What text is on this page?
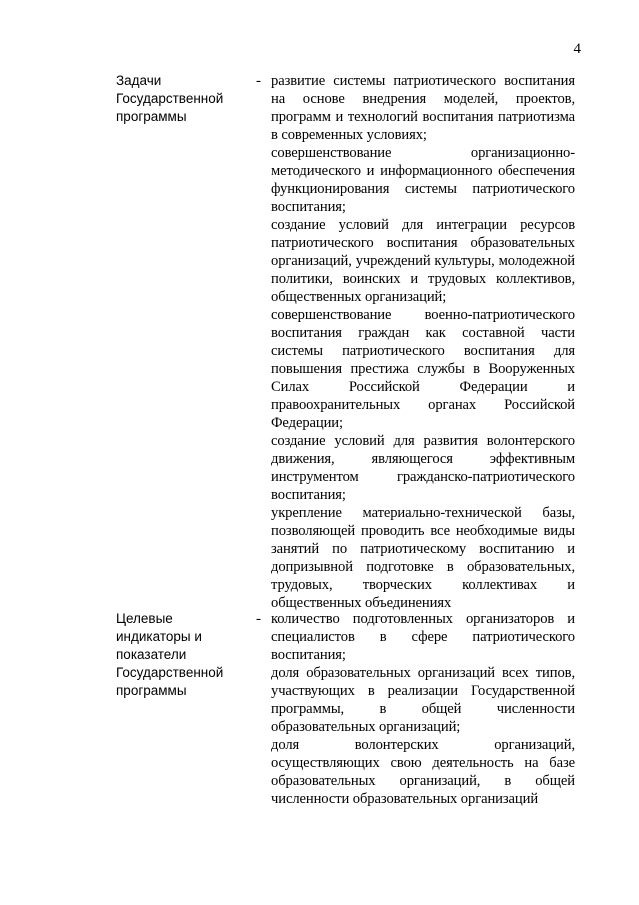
4
Задачи
Государственной
программы
- развитие системы патриотического воспитания на основе внедрения моделей, проектов, программ и технологий воспитания патриотизма в современных условиях;

совершенствование организационно-методического и информационного обеспечения функционирования системы патриотического воспитания;

создание условий для интеграции ресурсов патриотического воспитания образовательных организаций, учреждений культуры, молодежной политики, воинских и трудовых коллективов, общественных организаций;

совершенствование военно-патриотического воспитания граждан как составной части системы патриотического воспитания для повышения престижа службы в Вооруженных Силах Российской Федерации и правоохранительных органах Российской Федерации;

создание условий для развития волонтерского движения, являющегося эффективным инструментом гражданско-патриотического воспитания;

укрепление материально-технической базы, позволяющей проводить все необходимые виды занятий по патриотическому воспитанию и допризывной подготовке в образовательных, трудовых, творческих коллективах и общественных объединениях

Целевые
индикаторы и
показатели
Государственной
программы
- количество подготовленных организаторов и специалистов в сфере патриотического воспитания;

доля образовательных организаций всех типов, участвующих в реализации Государственной программы, в общей численности образовательных организаций;

доля волонтерских организаций, осуществляющих свою деятельность на базе образовательных организаций, в общей численности образовательных организаций
